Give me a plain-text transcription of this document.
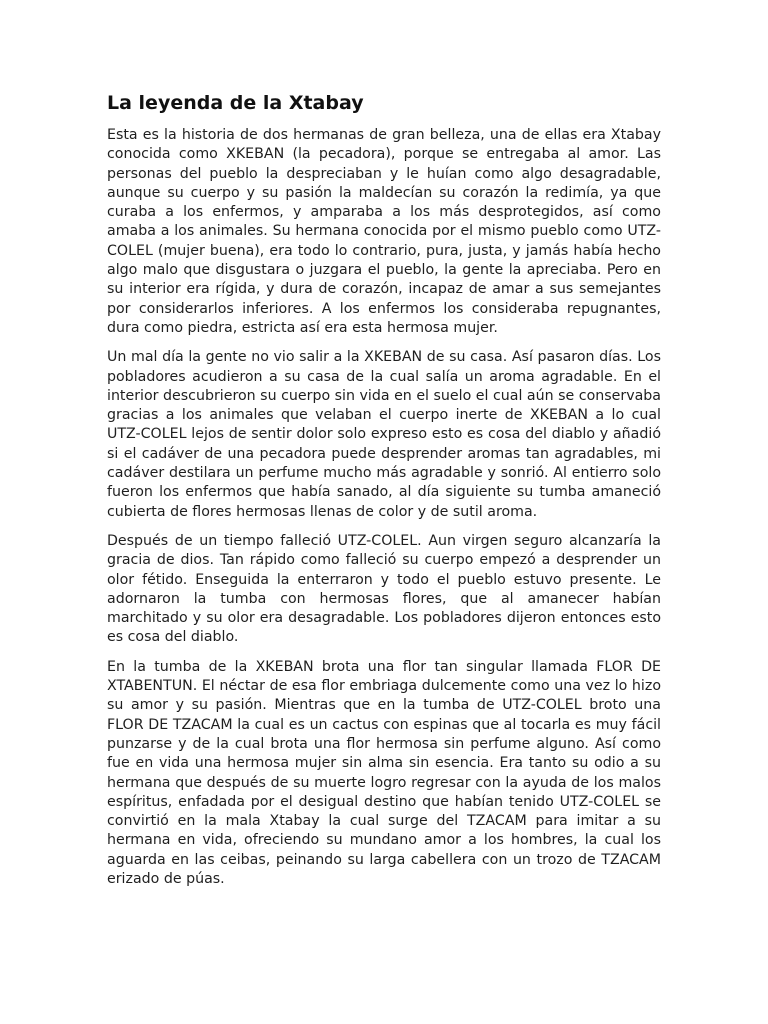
La leyenda de la Xtabay

Esta es la historia de dos hermanas de gran belleza, una de ellas era Xtabay conocida como XKEBAN (la pecadora), porque se entregaba al amor. Las personas del pueblo la despreciaban y le huían como algo desagradable, aunque su cuerpo y su pasión la maldecían su corazón la redimía, ya que curaba a los enfermos, y amparaba a los más desprotegidos, así como amaba a los animales. Su hermana conocida por el mismo pueblo como UTZ-COLEL (mujer buena), era todo lo contrario, pura, justa, y jamás había hecho algo malo que disgustara o juzgara el pueblo, la gente la apreciaba. Pero en su interior era rígida, y dura de corazón, incapaz de amar a sus semejantes por considerarlos inferiores. A los enfermos los consideraba repugnantes, dura como piedra, estricta así era esta hermosa mujer.

Un mal día la gente no vio salir a la XKEBAN de su casa. Así pasaron días. Los pobladores acudieron a su casa de la cual salía un aroma agradable. En el interior descubrieron su cuerpo sin vida en el suelo el cual aún se conservaba gracias a los animales que velaban el cuerpo inerte de XKEBAN a lo cual UTZ-COLEL lejos de sentir dolor solo expreso esto es cosa del diablo y añadió si el cadáver de una pecadora puede desprender aromas tan agradables, mi cadáver destilara un perfume mucho más agradable y sonrió. Al entierro solo fueron los enfermos que había sanado, al día siguiente su tumba amaneció cubierta de flores hermosas llenas de color y de sutil aroma.

Después de un tiempo falleció UTZ-COLEL. Aun virgen seguro alcanzaría la gracia de dios. Tan rápido como falleció su cuerpo empezó a desprender un olor fétido. Enseguida la enterraron y todo el pueblo estuvo presente. Le adornaron la tumba con hermosas flores, que al amanecer habían marchitado y su olor era desagradable. Los pobladores dijeron entonces esto es cosa del diablo.

En la tumba de la XKEBAN brota una flor tan singular llamada FLOR DE XTABENTUN. El néctar de esa flor embriaga dulcemente como una vez lo hizo su amor y su pasión. Mientras que en la tumba de UTZ-COLEL broto una FLOR DE TZACAM la cual es un cactus con espinas que al tocarla es muy fácil punzarse y de la cual brota una flor hermosa sin perfume alguno. Así como fue en vida una hermosa mujer sin alma sin esencia. Era tanto su odio a su hermana que después de su muerte logro regresar con la ayuda de los malos espíritus, enfadada por el desigual destino que habían tenido UTZ-COLEL se convirtió en la mala Xtabay la cual surge del TZACAM para imitar a su hermana en vida, ofreciendo su mundano amor a los hombres, la cual los aguarda en las ceibas, peinando su larga cabellera con un trozo de TZACAM erizado de púas.
